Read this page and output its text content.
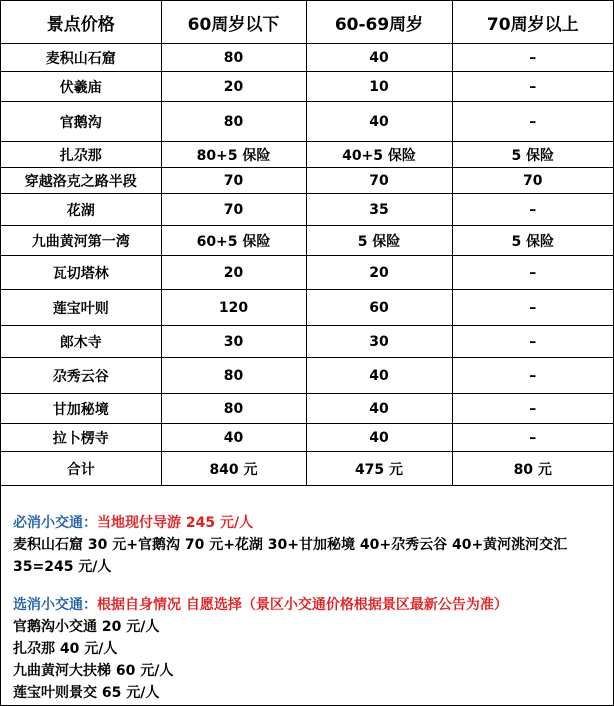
景点价格	60周岁以下	60-69周岁	70周岁以上
麦积山石窟	80	40	–
伏羲庙	20	10	–
官鹅沟	80	40	–
扎尕那	80+5 保险	40+5 保险	5 保险
穿越洛克之路半段	70	70	70
花湖	70	35	–
九曲黄河第一湾	60+5 保险	5 保险	5 保险
瓦切塔林	20	20	–
莲宝叶则	120	60	–
郎木寺	30	30	–
尕秀云谷	80	40	–
甘加秘境	80	40	–
拉卜楞寺	40	40	–
合计	840 元	475 元	80 元
必消小交通：当地现付导游 245 元/人
麦积山石窟 30 元+官鹅沟 70 元+花湖 30+甘加秘境 40+尕秀云谷 40+黄河洮河交汇
35=245 元/人
选消小交通：根据自身情况 自愿选择（景区小交通价格根据景区最新公告为准）
官鹅沟小交通 20 元/人
扎尕那 40 元/人
九曲黄河大扶梯 60 元/人
莲宝叶则景交 65 元/人
